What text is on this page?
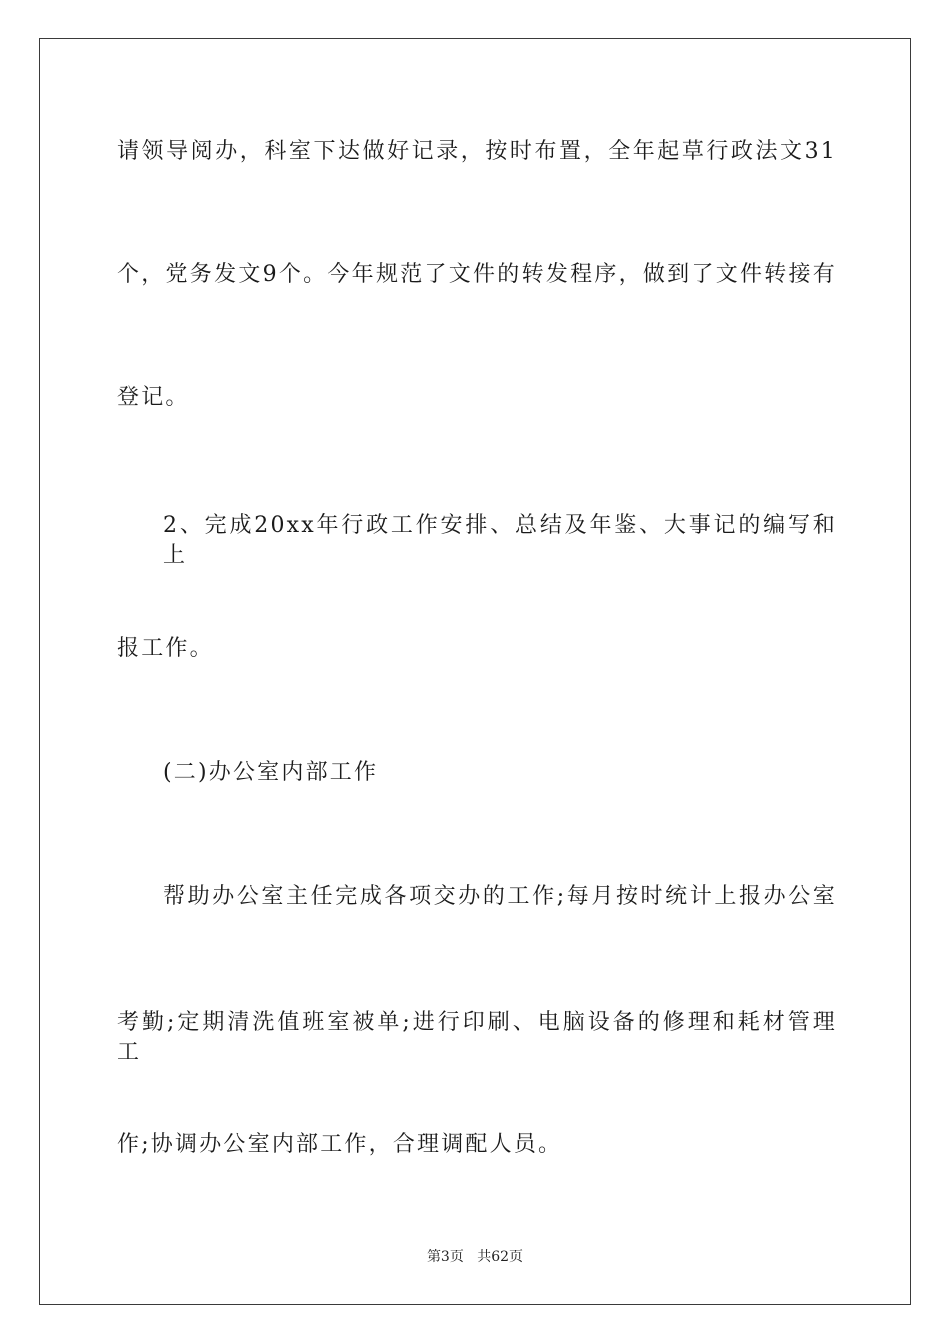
请领导阅办，科室下达做好记录，按时布置，全年起草行政法文31
个，党务发文9个。今年规范了文件的转发程序，做到了文件转接有
登记。
2、完成20xx年行政工作安排、总结及年鉴、大事记的编写和上
报工作。
(二)办公室内部工作
帮助办公室主任完成各项交办的工作;每月按时统计上报办公室
考勤;定期清洗值班室被单;进行印刷、电脑设备的修理和耗材管理工
作;协调办公室内部工作，合理调配人员。
第3页 共62页
